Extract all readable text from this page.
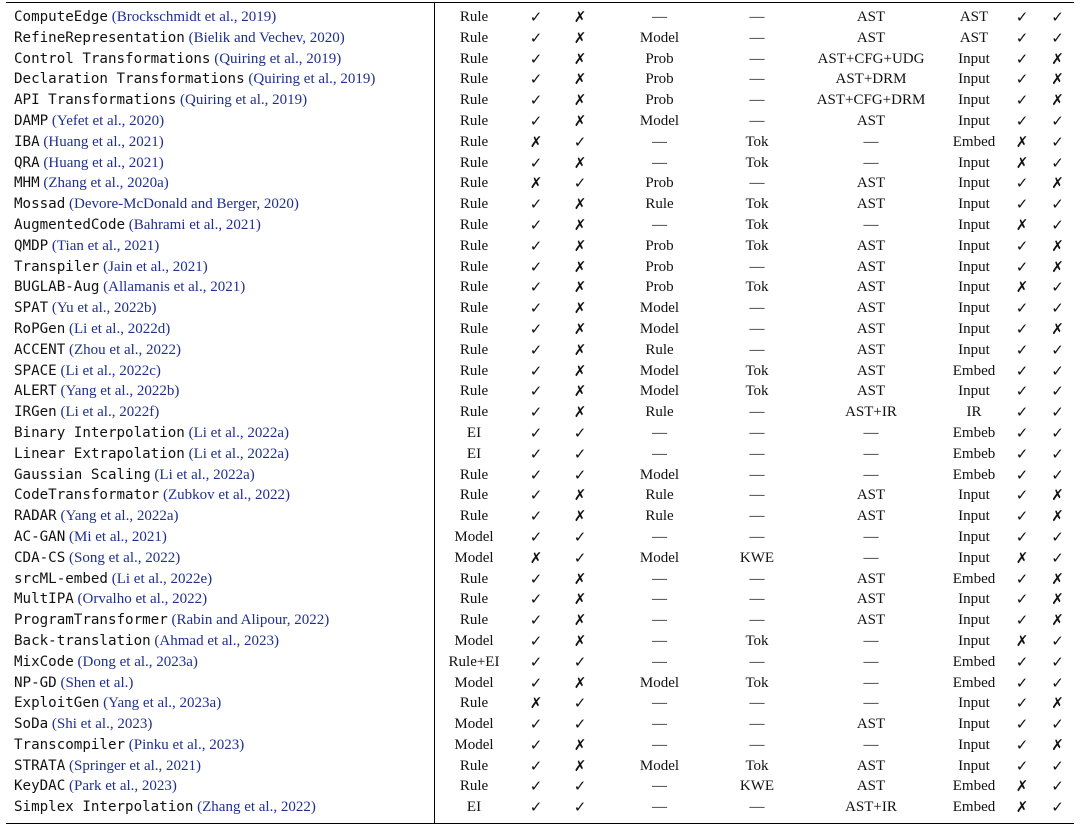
ComputeEdge (Brockschmidt et al., 2019)	Rule	✓	✗	—	—	AST	AST	✓	✓
RefineRepresentation (Bielik and Vechev, 2020)	Rule	✓	✗	Model	—	AST	AST	✓	✓
Control Transformations (Quiring et al., 2019)	Rule	✓	✗	Prob	—	AST+CFG+UDG	Input	✓	✗
Declaration Transformations (Quiring et al., 2019)	Rule	✓	✗	Prob	—	AST+DRM	Input	✓	✗
API Transformations (Quiring et al., 2019)	Rule	✓	✗	Prob	—	AST+CFG+DRM	Input	✓	✗
DAMP (Yefet et al., 2020)	Rule	✓	✗	Model	—	AST	Input	✓	✓
IBA (Huang et al., 2021)	Rule	✗	✓	—	Tok	—	Embed	✗	✓
QRA (Huang et al., 2021)	Rule	✓	✗	—	Tok	—	Input	✗	✓
MHM (Zhang et al., 2020a)	Rule	✗	✓	Prob	—	AST	Input	✓	✗
Mossad (Devore-McDonald and Berger, 2020)	Rule	✓	✗	Rule	Tok	AST	Input	✓	✓
AugmentedCode (Bahrami et al., 2021)	Rule	✓	✗	—	Tok	—	Input	✗	✓
QMDP (Tian et al., 2021)	Rule	✓	✗	Prob	Tok	AST	Input	✓	✗
Transpiler (Jain et al., 2021)	Rule	✓	✗	Prob	—	AST	Input	✓	✗
BUGLAB-Aug (Allamanis et al., 2021)	Rule	✓	✗	Prob	Tok	AST	Input	✗	✓
SPAT (Yu et al., 2022b)	Rule	✓	✗	Model	—	AST	Input	✓	✓
RoPGen (Li et al., 2022d)	Rule	✓	✗	Model	—	AST	Input	✓	✗
ACCENT (Zhou et al., 2022)	Rule	✓	✗	Rule	—	AST	Input	✓	✓
SPACE (Li et al., 2022c)	Rule	✓	✗	Model	Tok	AST	Embed	✓	✓
ALERT (Yang et al., 2022b)	Rule	✓	✗	Model	Tok	AST	Input	✓	✓
IRGen (Li et al., 2022f)	Rule	✓	✗	Rule	—	AST+IR	IR	✓	✓
Binary Interpolation (Li et al., 2022a)	EI	✓	✓	—	—	—	Embeb	✓	✓
Linear Extrapolation (Li et al., 2022a)	EI	✓	✓	—	—	—	Embeb	✓	✓
Gaussian Scaling (Li et al., 2022a)	Rule	✓	✓	Model	—	—	Embeb	✓	✓
CodeTransformator (Zubkov et al., 2022)	Rule	✓	✗	Rule	—	AST	Input	✓	✗
RADAR (Yang et al., 2022a)	Rule	✓	✗	Rule	—	AST	Input	✓	✗
AC-GAN (Mi et al., 2021)	Model	✓	✓	—	—	—	Input	✓	✓
CDA-CS (Song et al., 2022)	Model	✗	✓	Model	KWE	—	Input	✗	✓
srcML-embed (Li et al., 2022e)	Rule	✓	✗	—	—	AST	Embed	✓	✗
MultIPA (Orvalho et al., 2022)	Rule	✓	✗	—	—	AST	Input	✓	✗
ProgramTransformer (Rabin and Alipour, 2022)	Rule	✓	✗	—	—	AST	Input	✓	✗
Back-translation (Ahmad et al., 2023)	Model	✓	✗	—	Tok	—	Input	✗	✓
MixCode (Dong et al., 2023a)	Rule+EI	✓	✓	—	—	—	Embed	✓	✓
NP-GD (Shen et al.)	Model	✓	✗	Model	Tok	—	Embed	✓	✓
ExploitGen (Yang et al., 2023a)	Rule	✗	✓	—	—	—	Input	✓	✗
SoDa (Shi et al., 2023)	Model	✓	✓	—	—	AST	Input	✓	✓
Transcompiler (Pinku et al., 2023)	Model	✓	✗	—	—	—	Input	✓	✗
STRATA (Springer et al., 2021)	Rule	✓	✗	Model	Tok	AST	Input	✓	✓
KeyDAC (Park et al., 2023)	Rule	✓	✓	—	KWE	AST	Embed	✗	✓
Simplex Interpolation (Zhang et al., 2022)	EI	✓	✓	—	—	AST+IR	Embed	✗	✓
